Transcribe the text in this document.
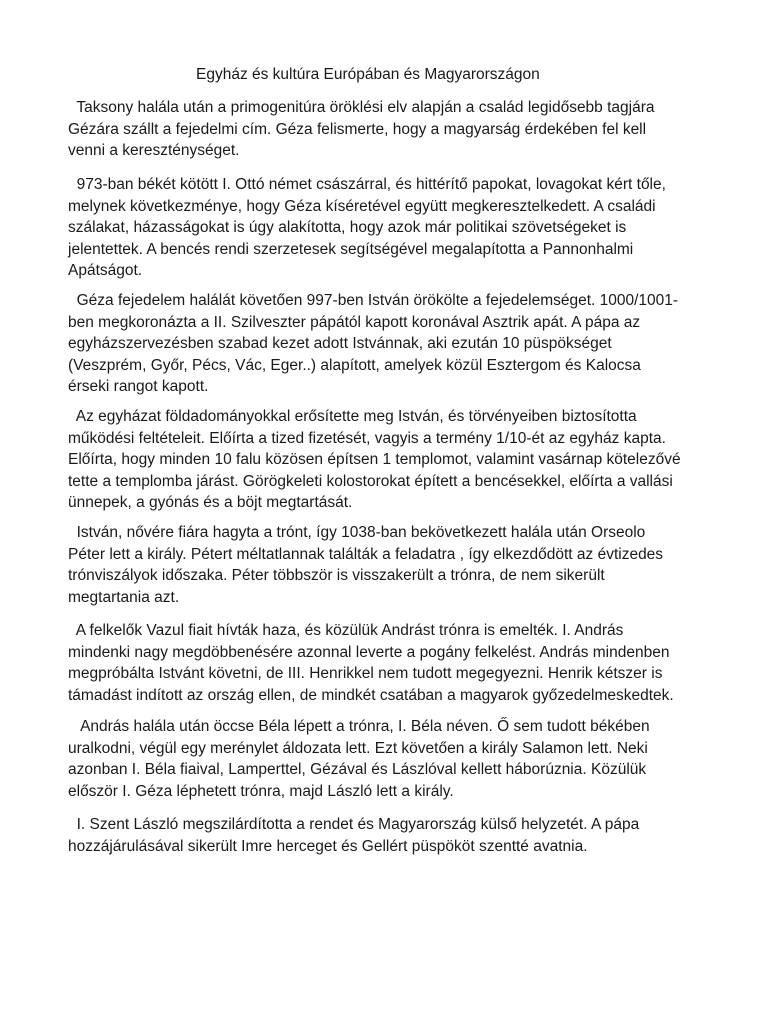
Egyház és kultúra Európában és Magyarországon

Taksony halála után a primogenitúra öröklési elv alapján a család legidősebb tagjára
Gézára szállt a fejedelmi cím. Géza felismerte, hogy a magyarság érdekében fel kell
venni a kereszténységet.

973-ban békét kötött I. Ottó német császárral, és hittérítő papokat, lovagokat kért tőle,
melynek következménye, hogy Géza kíséretével együtt megkeresztelkedett. A családi
szálakat, házasságokat is úgy alakította, hogy azok már politikai szövetségeket is
jelentettek. A bencés rendi szerzetesek segítségével megalapította a Pannonhalmi
Apátságot.

Géza fejedelem halálát követően 997-ben István örökölte a fejedelemséget. 1000/1001-
ben megkoronázta a II. Szilveszter pápától kapott koronával Asztrik apát. A pápa az
egyházszervezésben szabad kezet adott Istvánnak, aki ezután 10 püspökséget
(Veszprém, Győr, Pécs, Vác, Eger..) alapított, amelyek közül Esztergom és Kalocsa
érseki rangot kapott.

Az egyházat földadományokkal erősítette meg István, és törvényeiben biztosította
működési feltételeit. Előírta a tized fizetését, vagyis a termény 1/10-ét az egyház kapta.
Előírta, hogy minden 10 falu közösen építsen 1 templomot, valamint vasárnap kötelezővé
tette a templomba járást. Görögkeleti kolostorokat épített a bencésekkel, előírta a vallási
ünnepek, a gyónás és a böjt megtartását.

István, nővére fiára hagyta a trónt, így 1038-ban bekövetkezett halála után Orseolo
Péter lett a király. Pétert méltatlannak találták a feladatra , így elkezdődött az évtizedes
trónviszályok időszaka. Péter többször is visszakerült a trónra, de nem sikerült
megtartania azt.

A felkelők Vazul fiait hívták haza, és közülük Andrást trónra is emelték. I. András
mindenki nagy megdöbbenésére azonnal leverte a pogány felkelést. András mindenben
megpróbálta Istvánt követni, de III. Henrikkel nem tudott megegyezni. Henrik kétszer is
támadást indított az ország ellen, de mindkét csatában a magyarok győzedelmeskedtek.

András halála után öccse Béla lépett a trónra, I. Béla néven. Ő sem tudott békében
uralkodni, végül egy merénylet áldozata lett. Ezt követően a király Salamon lett. Neki
azonban I. Béla fiaival, Lamperttel, Gézával és Lászlóval kellett háborúznia. Közülük
először I. Géza léphetett trónra, majd László lett a király.

I. Szent László megszilárdította a rendet és Magyarország külső helyzetét. A pápa
hozzájárulásával sikerült Imre herceget és Gellért püspököt szentté avatnia.
